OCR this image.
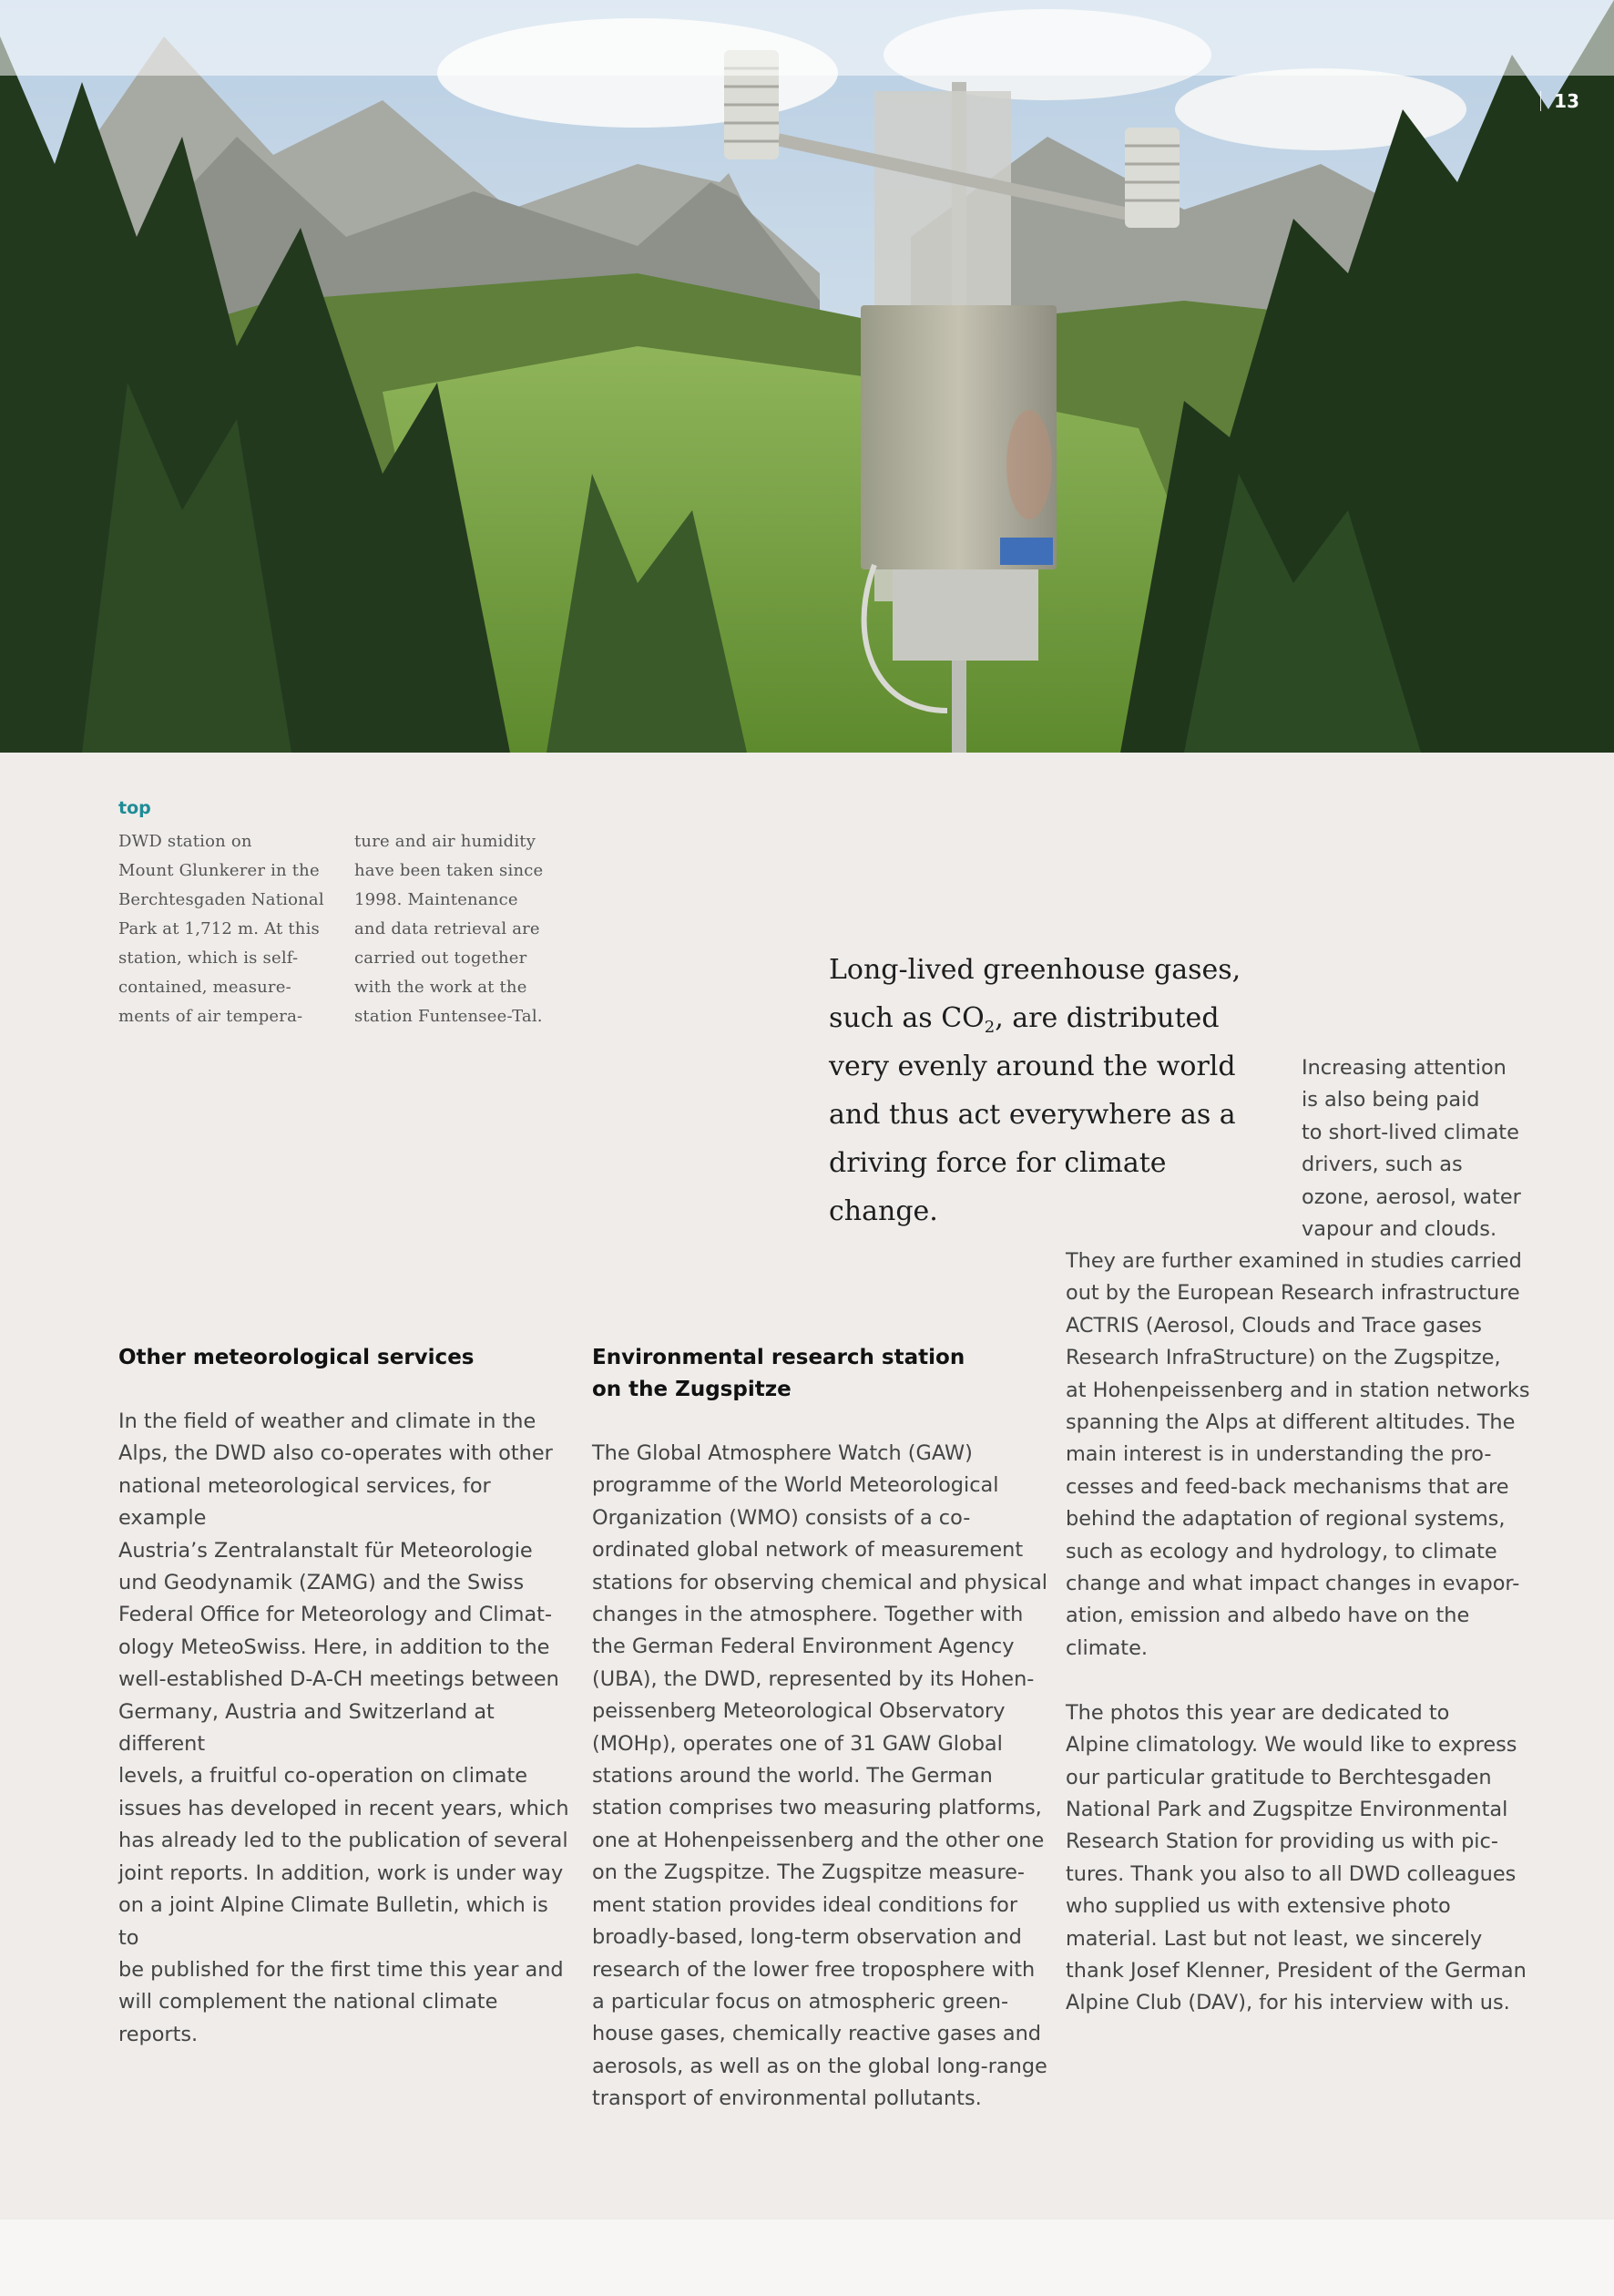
13
top
DWD station on
Mount Glunkerer in the
Berchtesgaden National
Park at 1,712 m. At this
station, which is self-
contained, measure-
ments of air tempera-
ture and air humidity
have been taken since
1998. Maintenance
and data retrieval are
carried out together
with the work at the
station Funtensee-Tal.
Long-lived greenhouse gases, such as $CO_2$, are distributed very evenly around the world and thus act everywhere as a driving force for climate change.
Other meteorological services
In the field of weather and climate in the
Alps, the DWD also co-operates with other
national meteorological services, for example
Austria’s Zentralanstalt für Meteorologie
und Geodynamik (ZAMG) and the Swiss
Federal Office for Meteorology and Climat-
ology MeteoSwiss. Here, in addition to the
well-established D-A-CH meetings between
Germany, Austria and Switzerland at different
levels, a fruitful co-operation on climate
issues has developed in recent years, which
has already led to the publication of several
joint reports. In addition, work is under way
on a joint Alpine Climate Bulletin, which is to
be published for the first time this year and
will complement the national climate
reports.
Environmental research station
on the Zugspitze
The Global Atmosphere Watch (GAW)
programme of the World Meteorological
Organization (WMO) consists of a co-
ordinated global network of measurement
stations for observing chemical and physical
changes in the atmosphere. Together with
the German Federal Environment Agency
(UBA), the DWD, represented by its Hohen-
peissenberg Meteorological Observatory
(MOHp), operates one of 31 GAW Global
stations around the world. The German
station comprises two measuring platforms,
one at Hohenpeissenberg and the other one
on the Zugspitze. The Zugspitze measure-
ment station provides ideal conditions for
broadly-based, long-term observation and
research of the lower free troposphere with
a particular focus on atmospheric green-
house gases, chemically reactive gases and
aerosols, as well as on the global long-range
transport of environmental pollutants.
Increasing attention
is also being paid
to short-lived climate
drivers, such as
ozone, aerosol, water
vapour and clouds.
They are further examined in studies carried
out by the European Research infrastructure
ACTRIS (Aerosol, Clouds and Trace gases
Research InfraStructure) on the Zugspitze,
at Hohenpeissenberg and in station networks
spanning the Alps at different altitudes. The
main interest is in understanding the pro-
cesses and feed-back mechanisms that are
behind the adaptation of regional systems,
such as ecology and hydrology, to climate
change and what impact changes in evapor-
ation, emission and albedo have on the
climate.

The photos this year are dedicated to
Alpine climatology. We would like to express
our particular gratitude to Berchtesgaden
National Park and Zugspitze Environmental
Research Station for providing us with pic-
tures. Thank you also to all DWD colleagues
who supplied us with extensive photo
material. Last but not least, we sincerely
thank Josef Klenner, President of the German
Alpine Club (DAV), for his interview with us.
